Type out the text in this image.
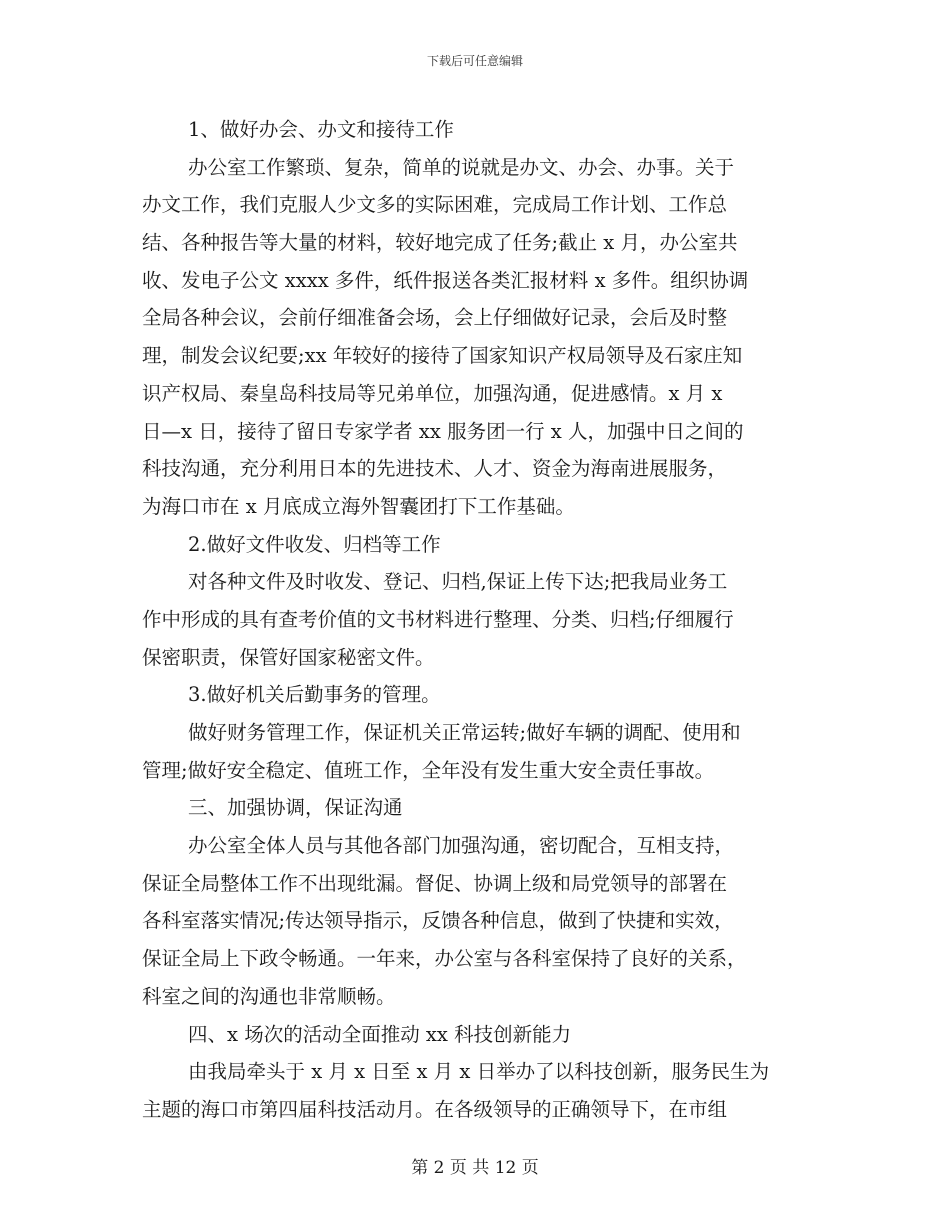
下载后可任意编辑
1、做好办会、办文和接待工作
办公室工作繁琐、复杂，简单的说就是办文、办会、办事。关于
办文工作，我们克服人少文多的实际困难，完成局工作计划、工作总
结、各种报告等大量的材料，较好地完成了任务;截止 x 月，办公室共
收、发电子公文 xxxx 多件，纸件报送各类汇报材料 x 多件。组织协调
全局各种会议，会前仔细准备会场，会上仔细做好记录，会后及时整
理，制发会议纪要;xx 年较好的接待了国家知识产权局领导及石家庄知
识产权局、秦皇岛科技局等兄弟单位，加强沟通，促进感情。x 月 x
日—x 日，接待了留日专家学者 xx 服务团一行 x 人，加强中日之间的
科技沟通，充分利用日本的先进技术、人才、资金为海南进展服务，
为海口市在 x 月底成立海外智囊团打下工作基础。
2.做好文件收发、归档等工作
对各种文件及时收发、登记、归档,保证上传下达;把我局业务工
作中形成的具有查考价值的文书材料进行整理、分类、归档;仔细履行
保密职责，保管好国家秘密文件。
3.做好机关后勤事务的管理。
做好财务管理工作，保证机关正常运转;做好车辆的调配、使用和
管理;做好安全稳定、值班工作，全年没有发生重大安全责任事故。
三、加强协调，保证沟通
办公室全体人员与其他各部门加强沟通，密切配合，互相支持，
保证全局整体工作不出现纰漏。督促、协调上级和局党领导的部署在
各科室落实情况;传达领导指示，反馈各种信息，做到了快捷和实效，
保证全局上下政令畅通。一年来，办公室与各科室保持了良好的关系，
科室之间的沟通也非常顺畅。
四、x 场次的活动全面推动 xx 科技创新能力
由我局牵头于 x 月 x 日至 x 月 x 日举办了以科技创新，服务民生为
主题的海口市第四届科技活动月。在各级领导的正确领导下，在市组
第 2 页 共 12 页
